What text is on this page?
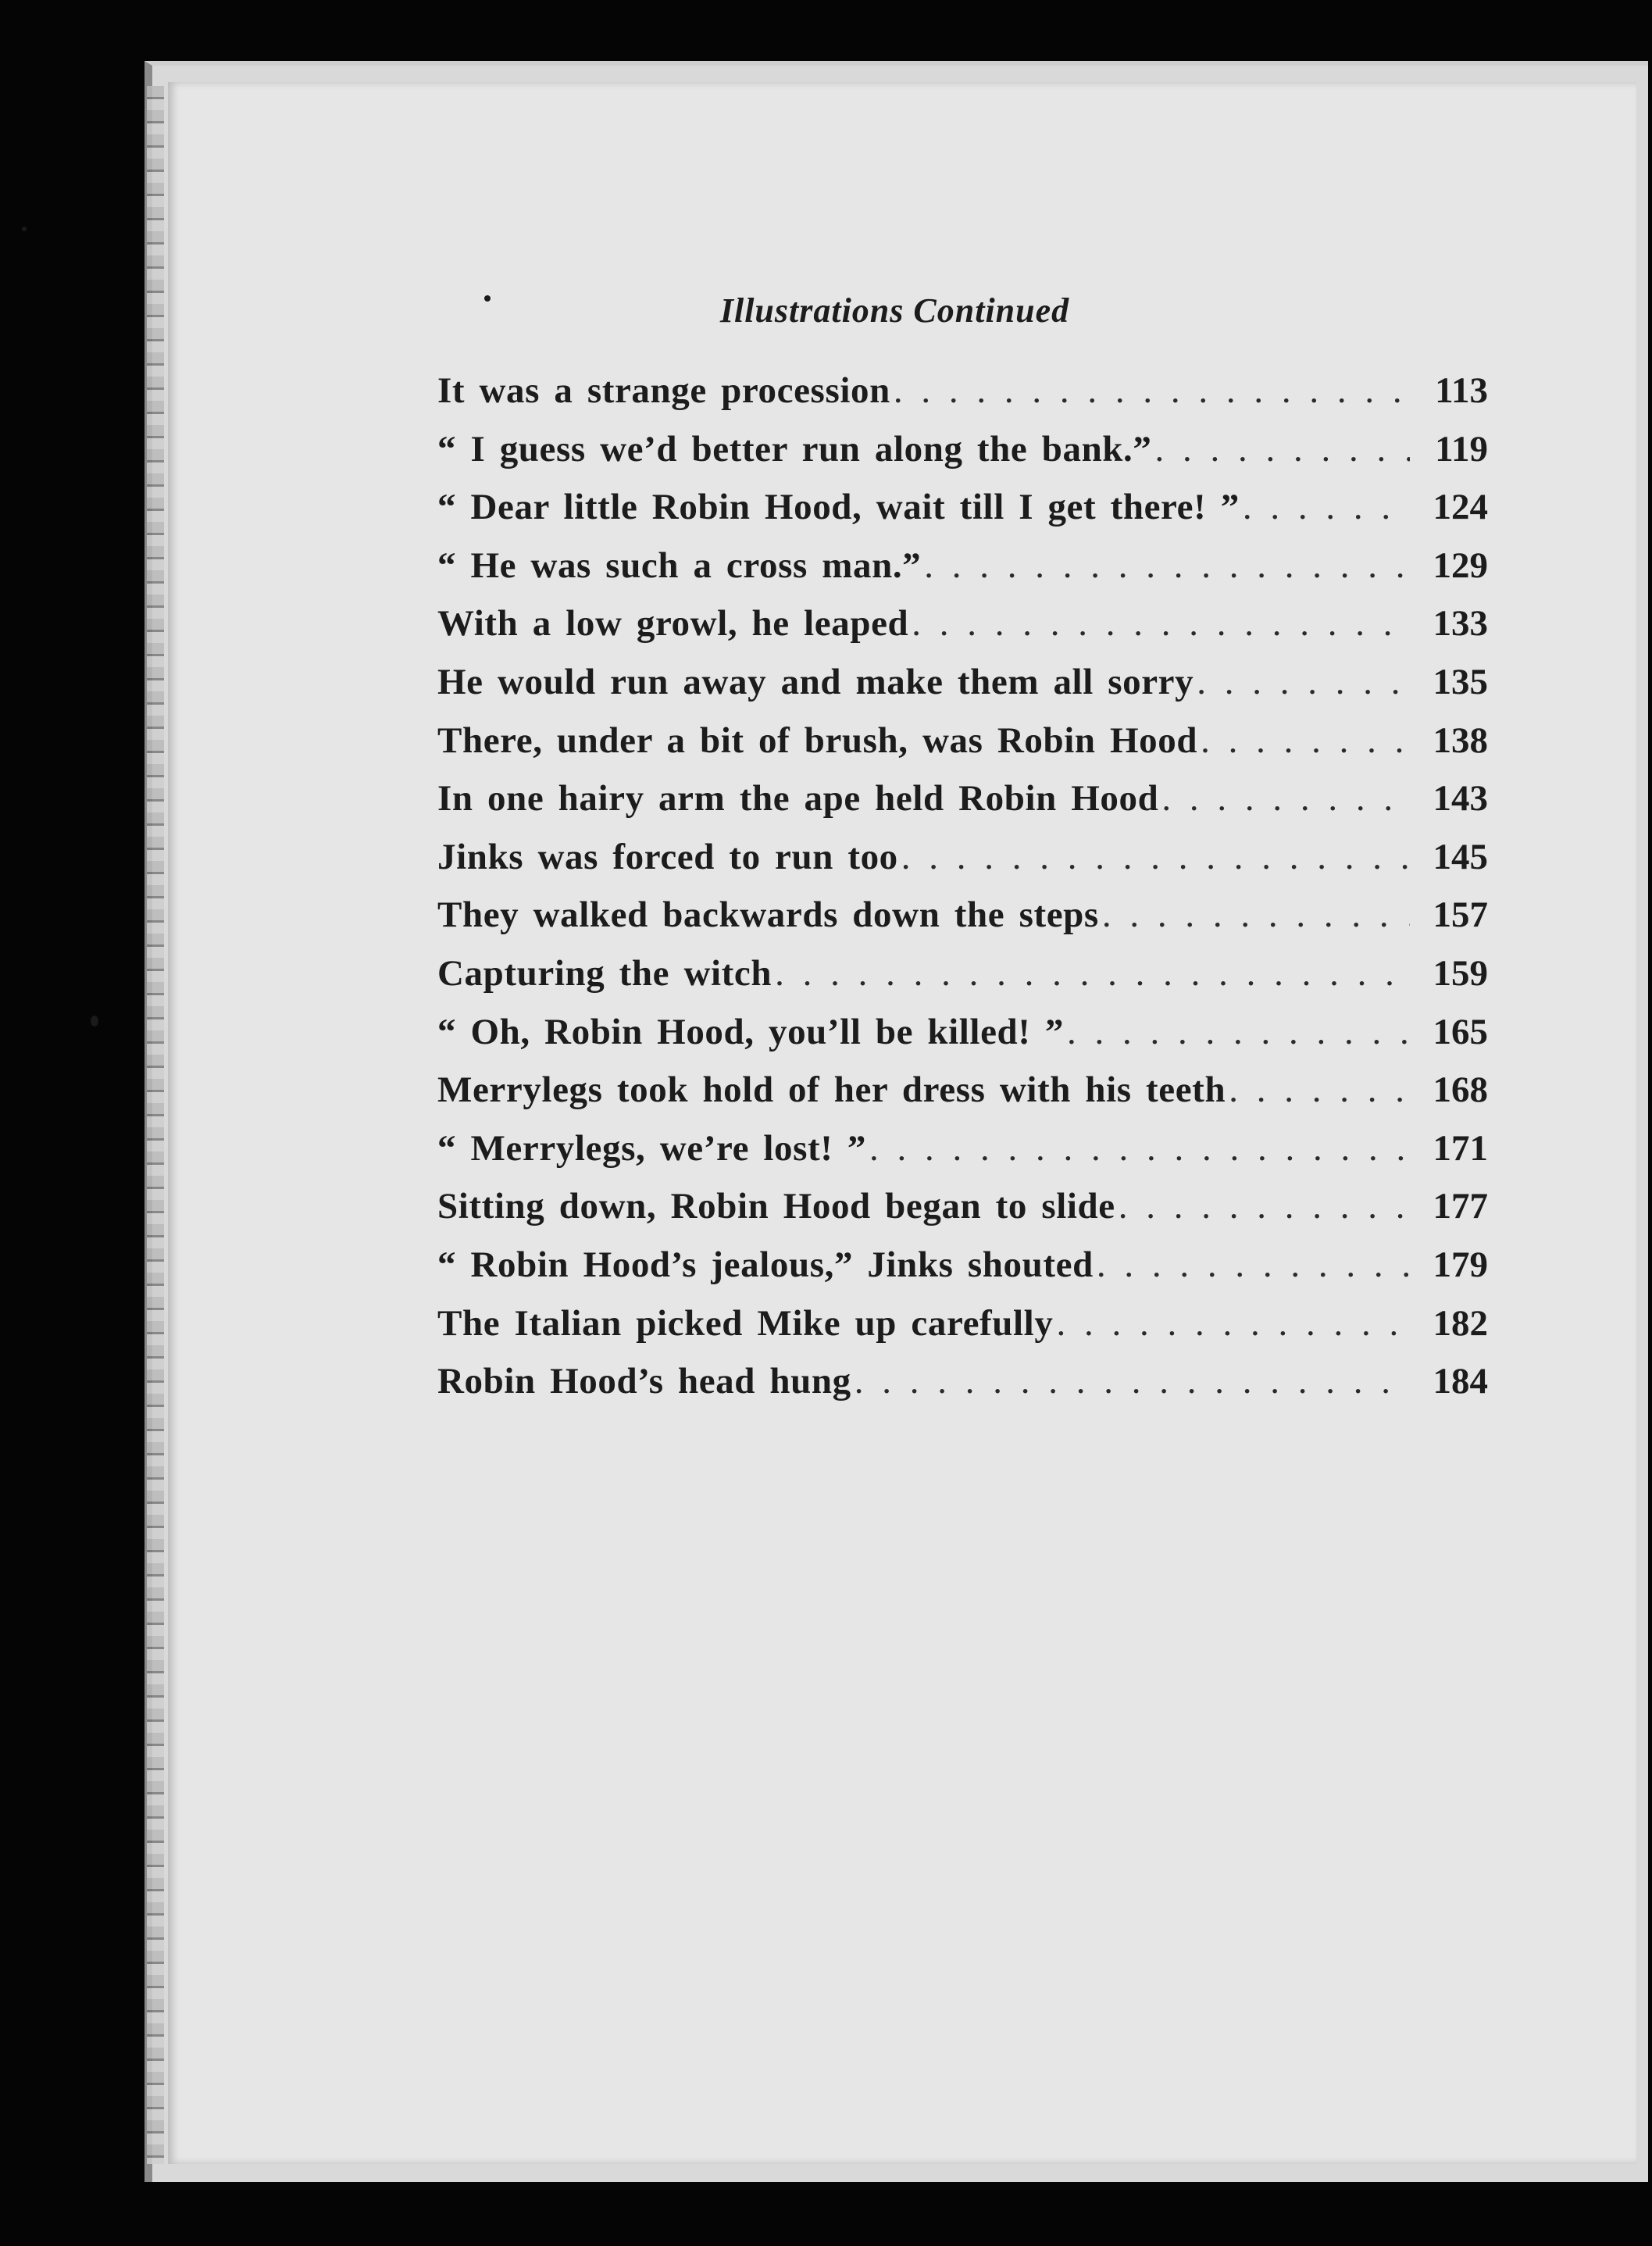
Illustrations Continued
It was a strange procession . . .	113
“ I guess we’d better run along the bank.” . . .	119
“ Dear little Robin Hood, wait till I get there! ” . . .	124
“ He was such a cross man.” . . .	129
With a low growl, he leaped . . .	133
He would run away and make them all sorry . . .	135
There, under a bit of brush, was Robin Hood . . .	138
In one hairy arm the ape held Robin Hood . . .	143
Jinks was forced to run too . . .	145
They walked backwards down the steps . . .	157
Capturing the witch . . .	159
“ Oh, Robin Hood, you’ll be killed! ” . . .	165
Merrylegs took hold of her dress with his teeth . . .	168
“ Merrylegs, we’re lost! ” . . .	171
Sitting down, Robin Hood began to slide . . .	177
“ Robin Hood’s jealous,” Jinks shouted . . .	179
The Italian picked Mike up carefully . . .	182
Robin Hood’s head hung . . .	184
